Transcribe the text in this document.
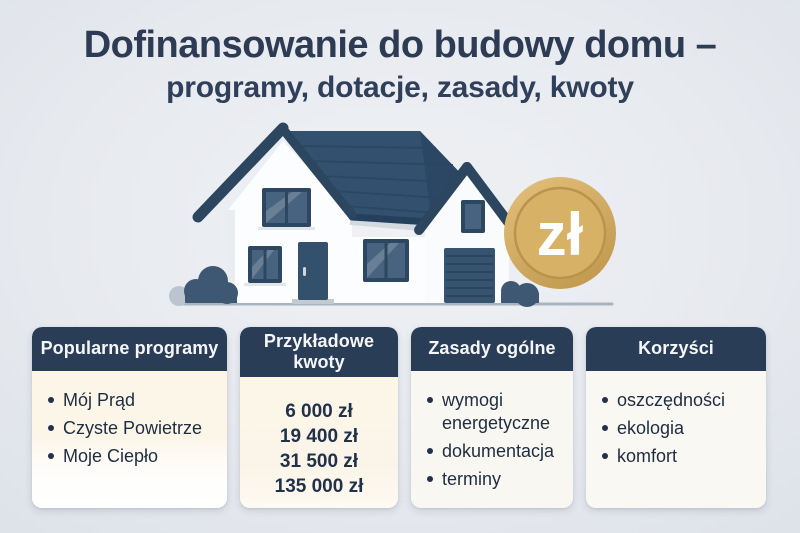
Dofinansowanie do budowy domu –
programy, dotacje, zasady, kwoty
zł
Popularne programy
Mój Prąd
Czyste Powietrze
Moje Ciepło
Przykładowe kwoty
6 000 zł
19 400 zł
31 500 zł
135 000 zł
Zasady ogólne
wymogi energetyczne
dokumentacja
terminy
Korzyści
oszczędności
ekologia
komfort
